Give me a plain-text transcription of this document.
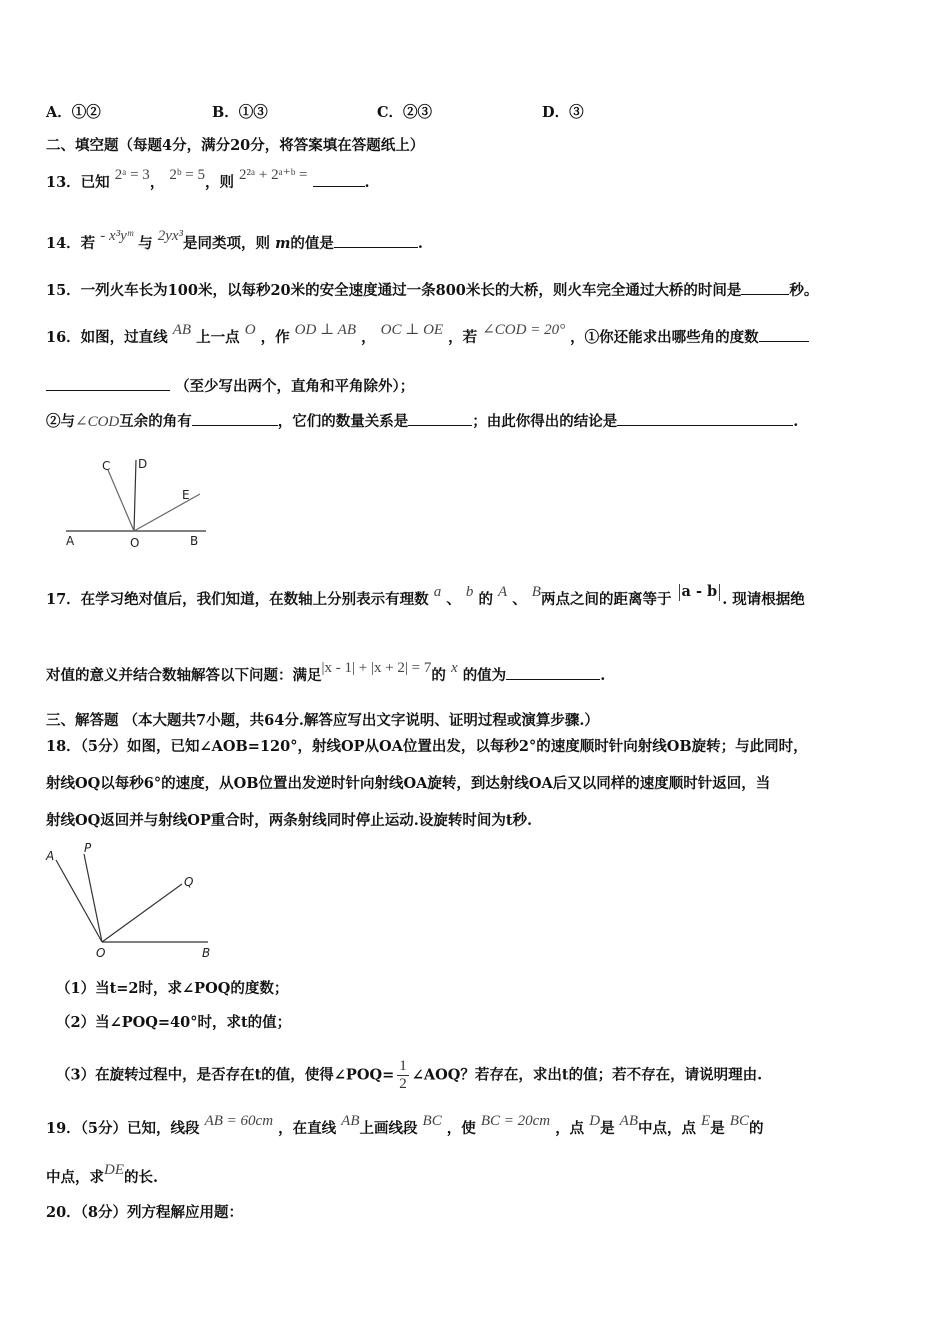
A．①②	B．①③	C．②③	D．③
二、填空题（每题4分，满分20分，将答案填在答题纸上）
13．已知 2ᵃ = 3， 2ᵇ = 5，则 2²ᵃ + 2ᵃ⁺ᵇ =	.
14．若 - x³yᵐ 与 2yx³是同类项，则 m的值是	.
15．一列火车长为100米，以每秒20米的安全速度通过一条800米长的大桥，则火车完全通过大桥的时间是	秒。
16．如图，过直线 AB 上一点 O ，作 OD ⊥ AB ， OC ⊥ OE ，若 ∠COD = 20° ，①你还能求出哪些角的度数
（至少写出两个，直角和平角除外）；
②与∠COD互余的角有	，它们的数量关系是	；由此你得出的结论是	.
C D
E
A	O	B
17．在学习绝对值后，我们知道，在数轴上分别表示有理数 a 、 b 的 A 、 B两点之间的距离等于 a - b . 现请根据绝
对值的意义并结合数轴解答以下问题：满足|x - 1| + |x + 2| = 7的 x 的值为	.
三、解答题 （本大题共7小题，共64分.解答应写出文字说明、证明过程或演算步骤.）
18．（5分）如图，已知∠AOB=120°，射线OP从OA位置出发，以每秒2°的速度顺时针向射线OB旋转；与此同时，
射线OQ以每秒6°的速度，从OB位置出发逆时针向射线OA旋转，到达射线OA后又以同样的速度顺时针返回，当
射线OQ返回并与射线OP重合时，两条射线同时停止运动.设旋转时间为t秒.
A
P
Q
O	B
（1）当t=2时，求∠POQ的度数；
（2）当∠POQ=40°时，求t的值；
（3）在旋转过程中，是否存在t的值，使得∠POQ= $\frac{1}{2}$ ∠AOQ？若存在，求出t的值；若不存在，请说明理由.
19．（5分）已知，线段 AB = 60cm ，在直线 AB上画线段 BC ，使 BC = 20cm ，点 D是 AB中点，点 E是 BC的
中点，求DE的长.
20．（8分）列方程解应用题：
